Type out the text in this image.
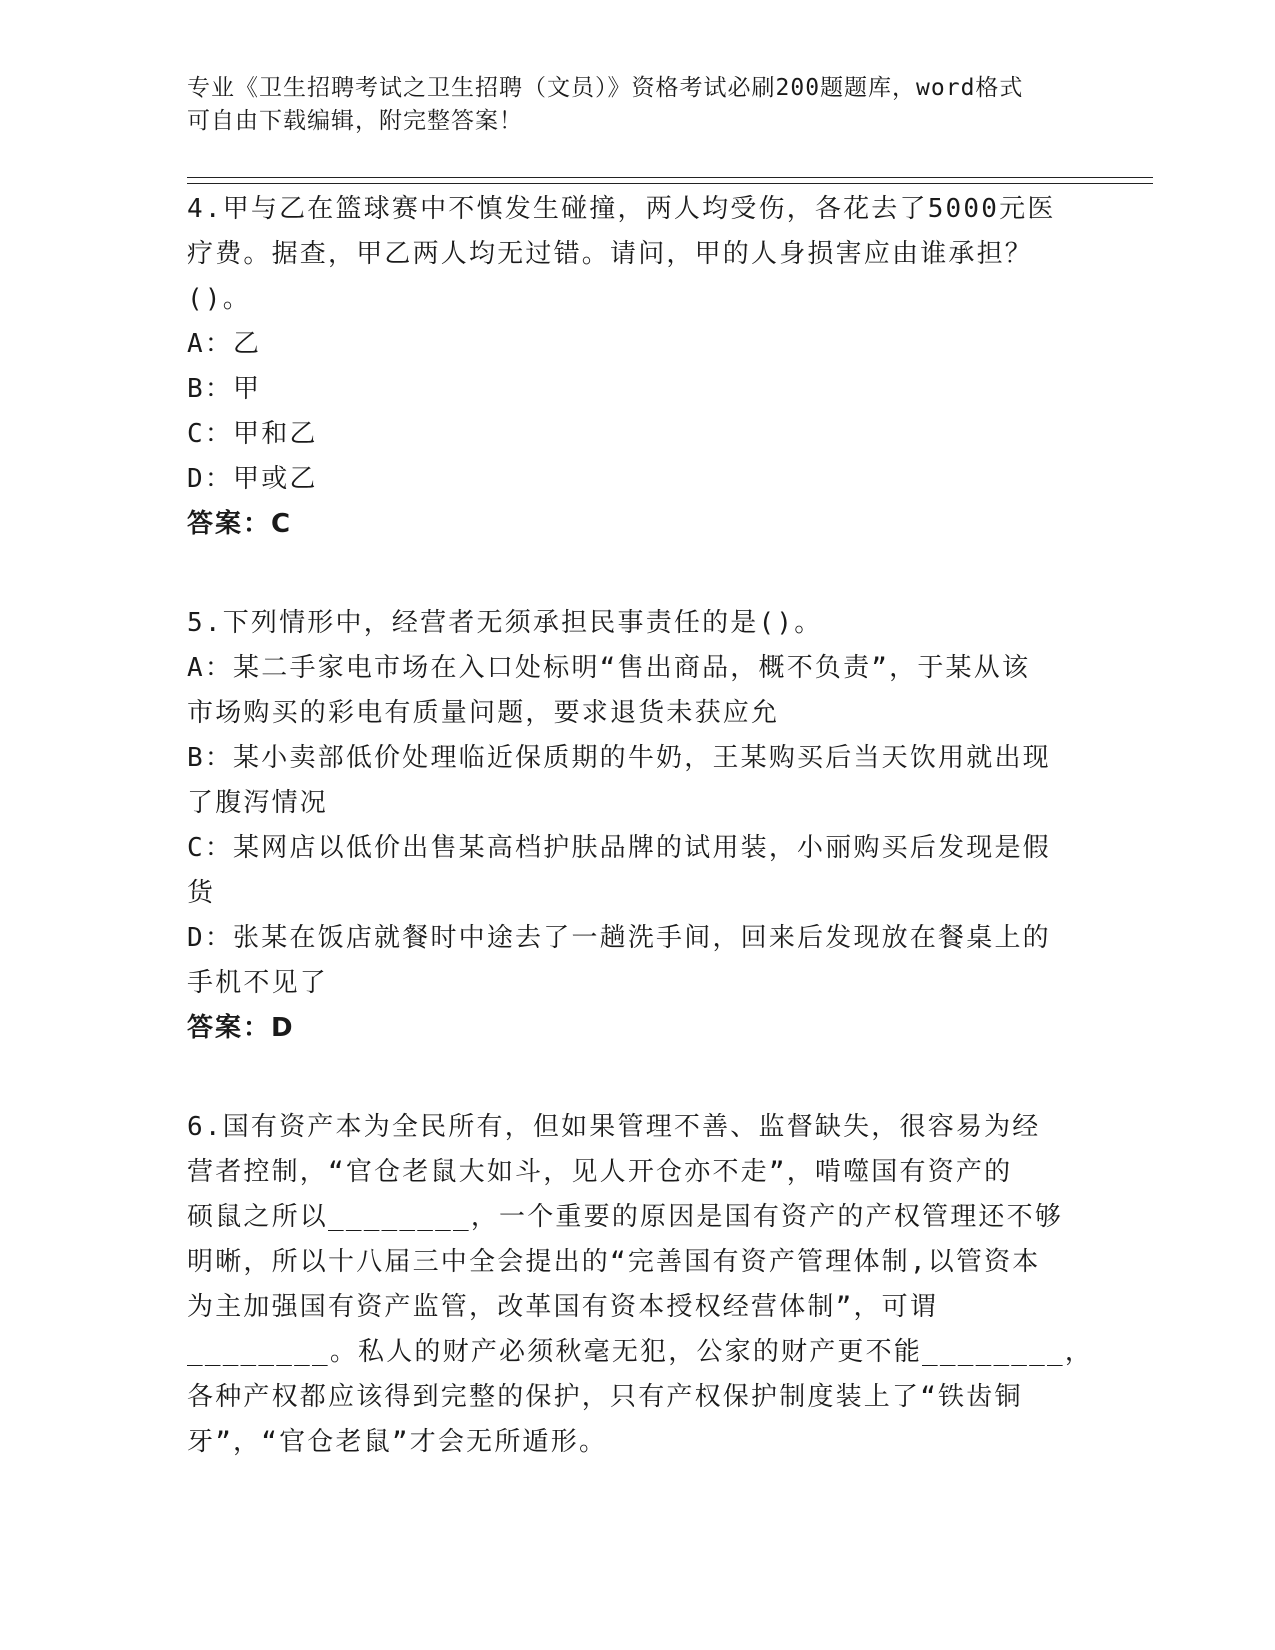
专业《卫生招聘考试之卫生招聘（文员）》资格考试必刷200题题库，word格式
可自由下载编辑，附完整答案！
4.甲与乙在篮球赛中不慎发生碰撞，两人均受伤，各花去了5000元医
疗费。据查，甲乙两人均无过错。请问，甲的人身损害应由谁承担？
()。
A：乙
B：甲
C：甲和乙
D：甲或乙
答案：C
5.下列情形中，经营者无须承担民事责任的是()。
A：某二手家电市场在入口处标明“售出商品，概不负责”，于某从该
市场购买的彩电有质量问题，要求退货未获应允
B：某小卖部低价处理临近保质期的牛奶，王某购买后当天饮用就出现
了腹泻情况
C：某网店以低价出售某高档护肤品牌的试用装，小丽购买后发现是假
货
D：张某在饭店就餐时中途去了一趟洗手间，回来后发现放在餐桌上的
手机不见了
答案：D
6.国有资产本为全民所有，但如果管理不善、监督缺失，很容易为经
营者控制，“官仓老鼠大如斗，见人开仓亦不走”，啃噬国有资产的
硕鼠之所以________，一个重要的原因是国有资产的产权管理还不够
明晰，所以十八届三中全会提出的“完善国有资产管理体制,以管资本
为主加强国有资产监管，改革国有资本授权经营体制”，可谓
________。私人的财产必须秋毫无犯，公家的财产更不能________，
各种产权都应该得到完整的保护，只有产权保护制度装上了“铁齿铜
牙”，“官仓老鼠”才会无所遁形。
